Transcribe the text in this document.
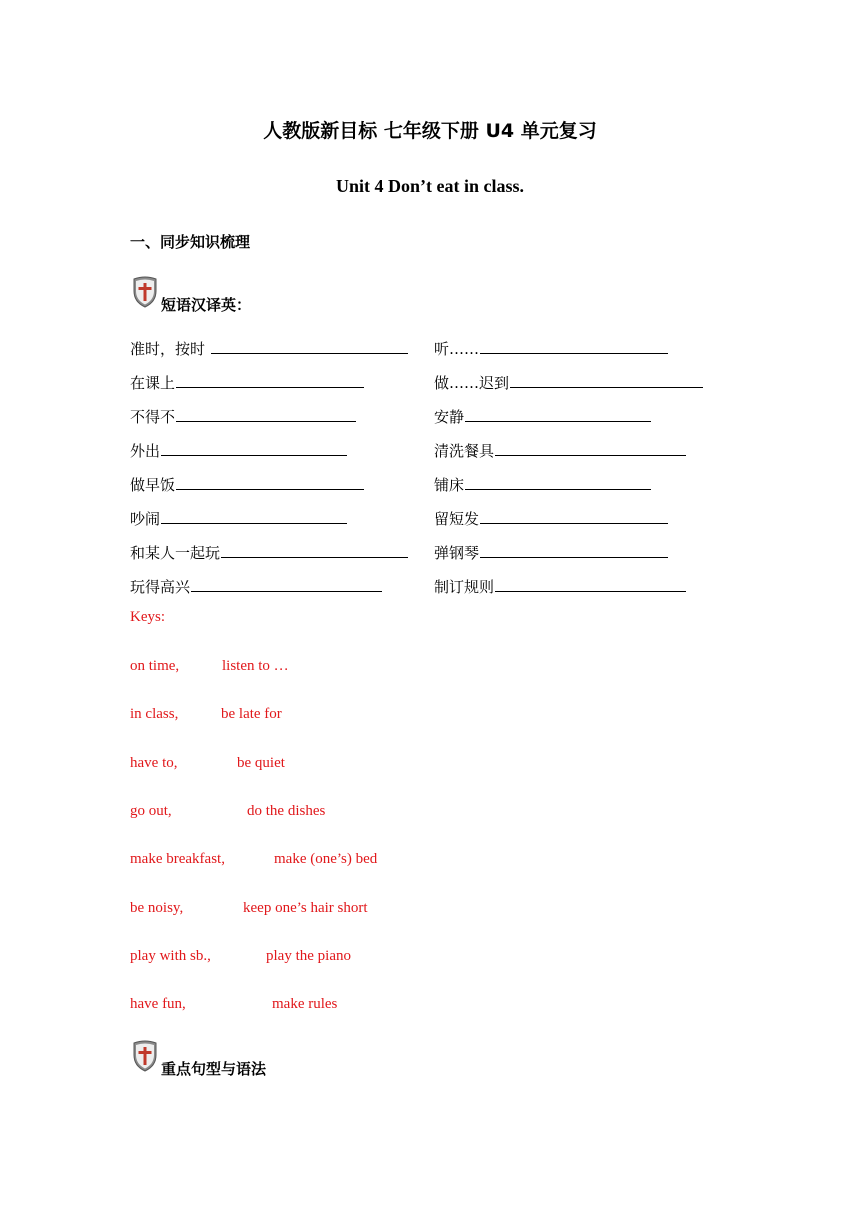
人教版新目标 七年级下册 U4 单元复习
Unit 4 Don’t eat in class.
一、同步知识梳理
短语汉译英：
准时，按时	听……
在课上	做……迟到
不得不	安静
外出	清洗餐具
做早饭	铺床
吵闹	留短发
和某人一起玩	弹钢琴
玩得高兴	制订规则
Keys:
on time,	listen to …
in class,	be late for
have to,	be quiet
go out,	do the dishes
make breakfast,	make (one’s) bed
be noisy,	keep one’s hair short
play with sb.,	play the piano
have fun,	make rules
重点句型与语法
